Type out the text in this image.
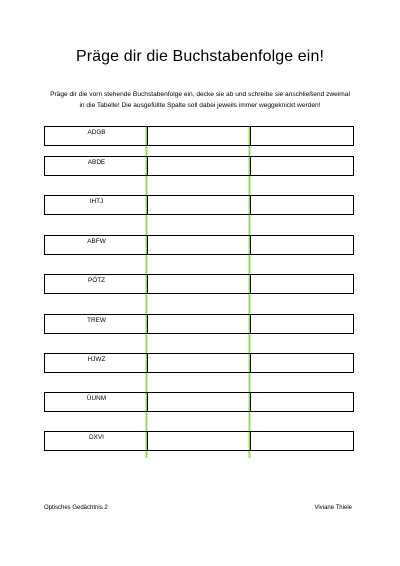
Präge dir die Buchstabenfolge ein!
Präge dir die vorn stehende Buchstabenfolge ein, decke sie ab und schreibe sie anschließend zweimal
in die Tabelle! Die ausgefüllte Spalte soll dabei jeweils immer weggeknickt werden!
ADGB
ABDE
IHTJ
ABFW
PÖTZ
TREW
HJWZ
ÜUNM
DXVI
Optisches Gedächtnis 2	Viviane Thiele
